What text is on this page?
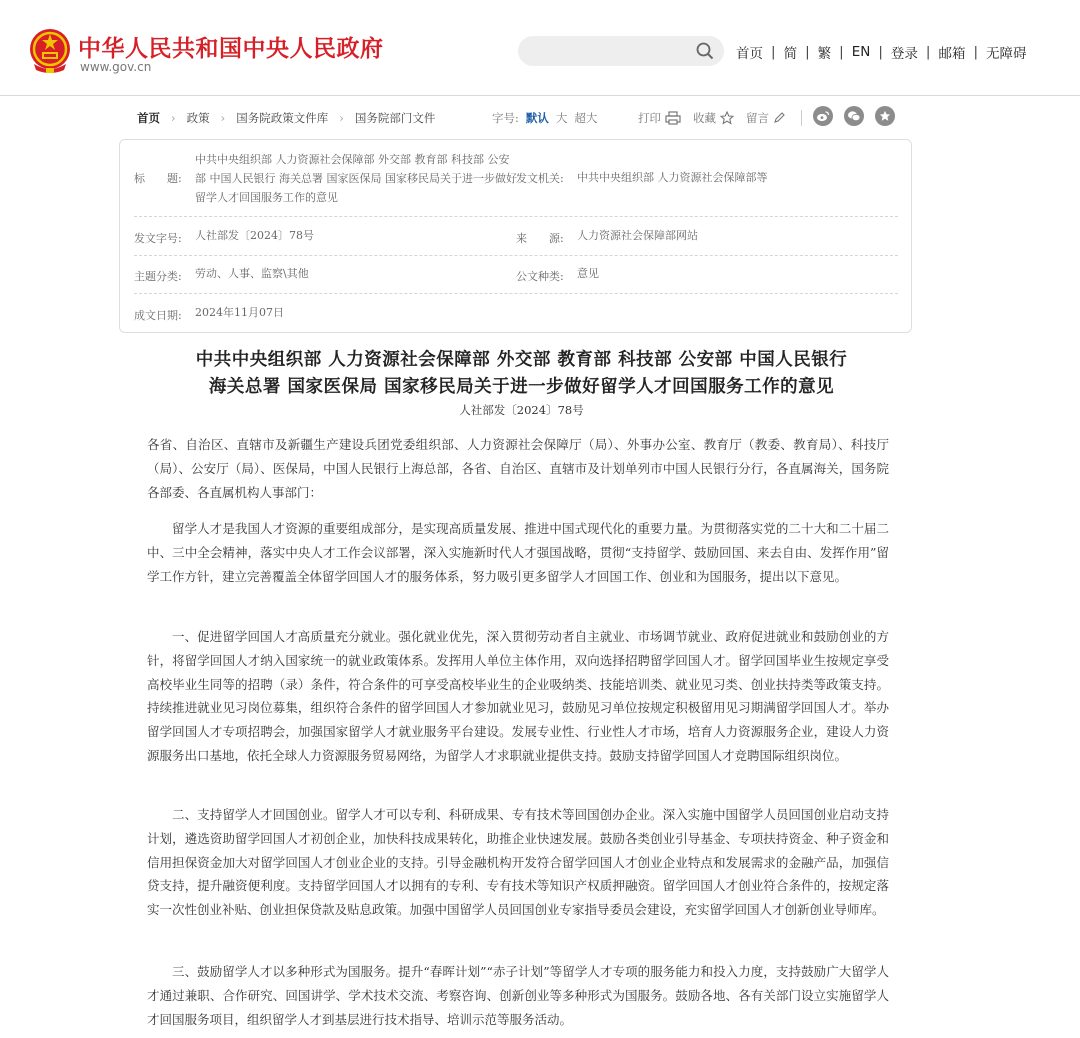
中华人民共和国中央人民政府
www.gov.cn
首页 | 简 | 繁 | EN | 登录 | 邮箱 | 无障碍
首页 › 政策 › 国务院政策文件库 › 国务院部门文件	字号: 默认 大 超大	打印	收藏	留言
标　　题:
中共中央组织部 人力资源社会保障部 外交部 教育部 科技部 公安部 中国人民银行 海关总署 国家医保局 国家移民局关于进一步做好留学人才回国服务工作的意见
发文机关: 中共中央组织部 人力资源社会保障部等
发文字号: 人社部发〔2024〕78号	来　　源: 人力资源社会保障部网站
主题分类: 劳动、人事、监察\其他	公文种类: 意见
成文日期: 2024年11月07日
中共中央组织部 人力资源社会保障部 外交部 教育部 科技部 公安部 中国人民银行
海关总署 国家医保局 国家移民局关于进一步做好留学人才回国服务工作的意见
人社部发〔2024〕78号

各省、自治区、直辖市及新疆生产建设兵团党委组织部、人力资源社会保障厅（局）、外事办公室、教育厅（教委、教育局）、科技厅（局）、公安厅（局）、医保局，中国人民银行上海总部，各省、自治区、直辖市及计划单列市中国人民银行分行，各直属海关，国务院各部委、各直属机构人事部门：

留学人才是我国人才资源的重要组成部分，是实现高质量发展、推进中国式现代化的重要力量。为贯彻落实党的二十大和二十届二中、三中全会精神，落实中央人才工作会议部署，深入实施新时代人才强国战略，贯彻“支持留学、鼓励回国、来去自由、发挥作用”留学工作方针，建立完善覆盖全体留学回国人才的服务体系，努力吸引更多留学人才回国工作、创业和为国服务，提出以下意见。

一、促进留学回国人才高质量充分就业。强化就业优先，深入贯彻劳动者自主就业、市场调节就业、政府促进就业和鼓励创业的方针，将留学回国人才纳入国家统一的就业政策体系。发挥用人单位主体作用，双向选择招聘留学回国人才。留学回国毕业生按规定享受高校毕业生同等的招聘（录）条件，符合条件的可享受高校毕业生的企业吸纳类、技能培训类、就业见习类、创业扶持类等政策支持。持续推进就业见习岗位募集，组织符合条件的留学回国人才参加就业见习，鼓励见习单位按规定积极留用见习期满留学回国人才。举办留学回国人才专项招聘会，加强国家留学人才就业服务平台建设。发展专业性、行业性人才市场，培育人力资源服务企业，建设人力资源服务出口基地，依托全球人力资源服务贸易网络，为留学人才求职就业提供支持。鼓励支持留学回国人才竞聘国际组织岗位。

二、支持留学人才回国创业。留学人才可以专利、科研成果、专有技术等回国创办企业。深入实施中国留学人员回国创业启动支持计划，遴选资助留学回国人才初创企业，加快科技成果转化，助推企业快速发展。鼓励各类创业引导基金、专项扶持资金、种子资金和信用担保资金加大对留学回国人才创业企业的支持。引导金融机构开发符合留学回国人才创业企业特点和发展需求的金融产品，加强信贷支持，提升融资便利度。支持留学回国人才以拥有的专利、专有技术等知识产权质押融资。留学回国人才创业符合条件的，按规定落实一次性创业补贴、创业担保贷款及贴息政策。加强中国留学人员回国创业专家指导委员会建设，充实留学回国人才创新创业导师库。

三、鼓励留学人才以多种形式为国服务。提升“春晖计划”“赤子计划”等留学人才专项的服务能力和投入力度，支持鼓励广大留学人才通过兼职、合作研究、回国讲学、学术技术交流、考察咨询、创新创业等多种形式为国服务。鼓励各地、各有关部门设立实施留学人才回国服务项目，组织留学人才到基层进行技术指导、培训示范等服务活动。
